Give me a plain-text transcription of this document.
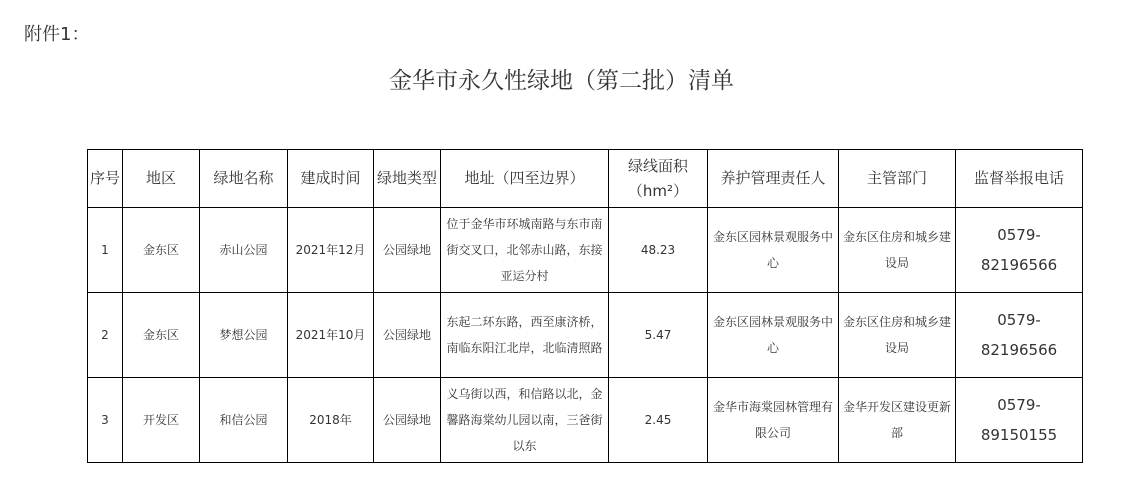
附件1：
金华市永久性绿地（第二批）清单
序号	地区	绿地名称	建成时间	绿地类型	地址（四至边界）	绿线面积（hm²）	养护管理责任人	主管部门	监督举报电话
1	金东区	赤山公园	2021年12月	公园绿地	位于金华市环城南路与东市南街交叉口，北邻赤山路，东接亚运分村	48.23	金东区园林景观服务中心	金东区住房和城乡建设局	0579-82196566
2	金东区	梦想公园	2021年10月	公园绿地	东起二环东路，西至康济桥，南临东阳江北岸，北临清照路	5.47	金东区园林景观服务中心	金东区住房和城乡建设局	0579-82196566
3	开发区	和信公园	2018年	公园绿地	义乌街以西，和信路以北，金馨路海棠幼儿园以南，三爸街以东	2.45	金华市海棠园林管理有限公司	金华开发区建设更新部	0579-89150155
